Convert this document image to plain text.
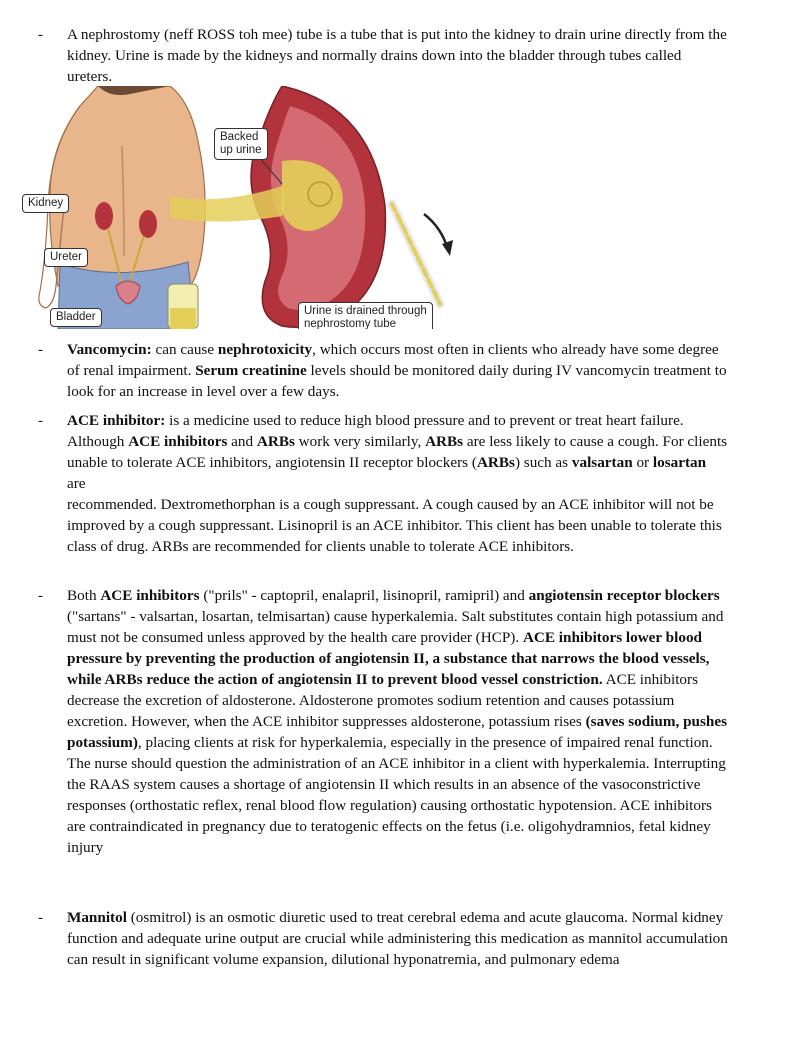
-	A nephrostomy (neff ROSS toh mee) tube is a tube that is put into the kidney to drain urine directly from the kidney. Urine is made by the kidneys and normally drains down into the bladder through tubes called ureters.
Kidney
Ureter
Bladder
Backed
up urine
Urine is drained through
nephrostomy tube
-	Vancomycin: can cause nephrotoxicity, which occurs most often in clients who already have some degree of renal impairment. Serum creatinine levels should be monitored daily during IV vancomycin treatment to look for an increase in level over a few days.
-	ACE inhibitor: is a medicine used to reduce high blood pressure and to prevent or treat heart failure. Although ACE inhibitors and ARBs work very similarly, ARBs are less likely to cause a cough. For clients unable to tolerate ACE inhibitors, angiotensin II receptor blockers (ARBs) such as valsartan or losartan are
recommended. Dextromethorphan is a cough suppressant. A cough caused by an ACE inhibitor will not be improved by a cough suppressant. Lisinopril is an ACE inhibitor. This client has been unable to tolerate this class of drug. ARBs are recommended for clients unable to tolerate ACE inhibitors.
-	Both ACE inhibitors ("prils" - captopril, enalapril, lisinopril, ramipril) and angiotensin receptor blockers ("sartans" - valsartan, losartan, telmisartan) cause hyperkalemia. Salt substitutes contain high potassium and must not be consumed unless approved by the health care provider (HCP). ACE inhibitors lower blood pressure by preventing the production of angiotensin II, a substance that narrows the blood vessels, while ARBs reduce the action of angiotensin II to prevent blood vessel constriction. ACE inhibitors decrease the excretion of aldosterone. Aldosterone promotes sodium retention and causes potassium excretion. However, when the ACE inhibitor suppresses aldosterone, potassium rises (saves sodium, pushes potassium), placing clients at risk for hyperkalemia, especially in the presence of impaired renal function. The nurse should question the administration of an ACE inhibitor in a client with hyperkalemia. Interrupting the RAAS system causes a shortage of angiotensin II which results in an absence of the vasoconstrictive responses (orthostatic reflex, renal blood flow regulation) causing orthostatic hypotension. ACE inhibitors are contraindicated in pregnancy due to teratogenic effects on the fetus (i.e. oligohydramnios, fetal kidney injury
-	Mannitol (osmitrol) is an osmotic diuretic used to treat cerebral edema and acute glaucoma. Normal kidney function and adequate urine output are crucial while administering this medication as mannitol accumulation can result in significant volume expansion, dilutional hyponatremia, and pulmonary edema
